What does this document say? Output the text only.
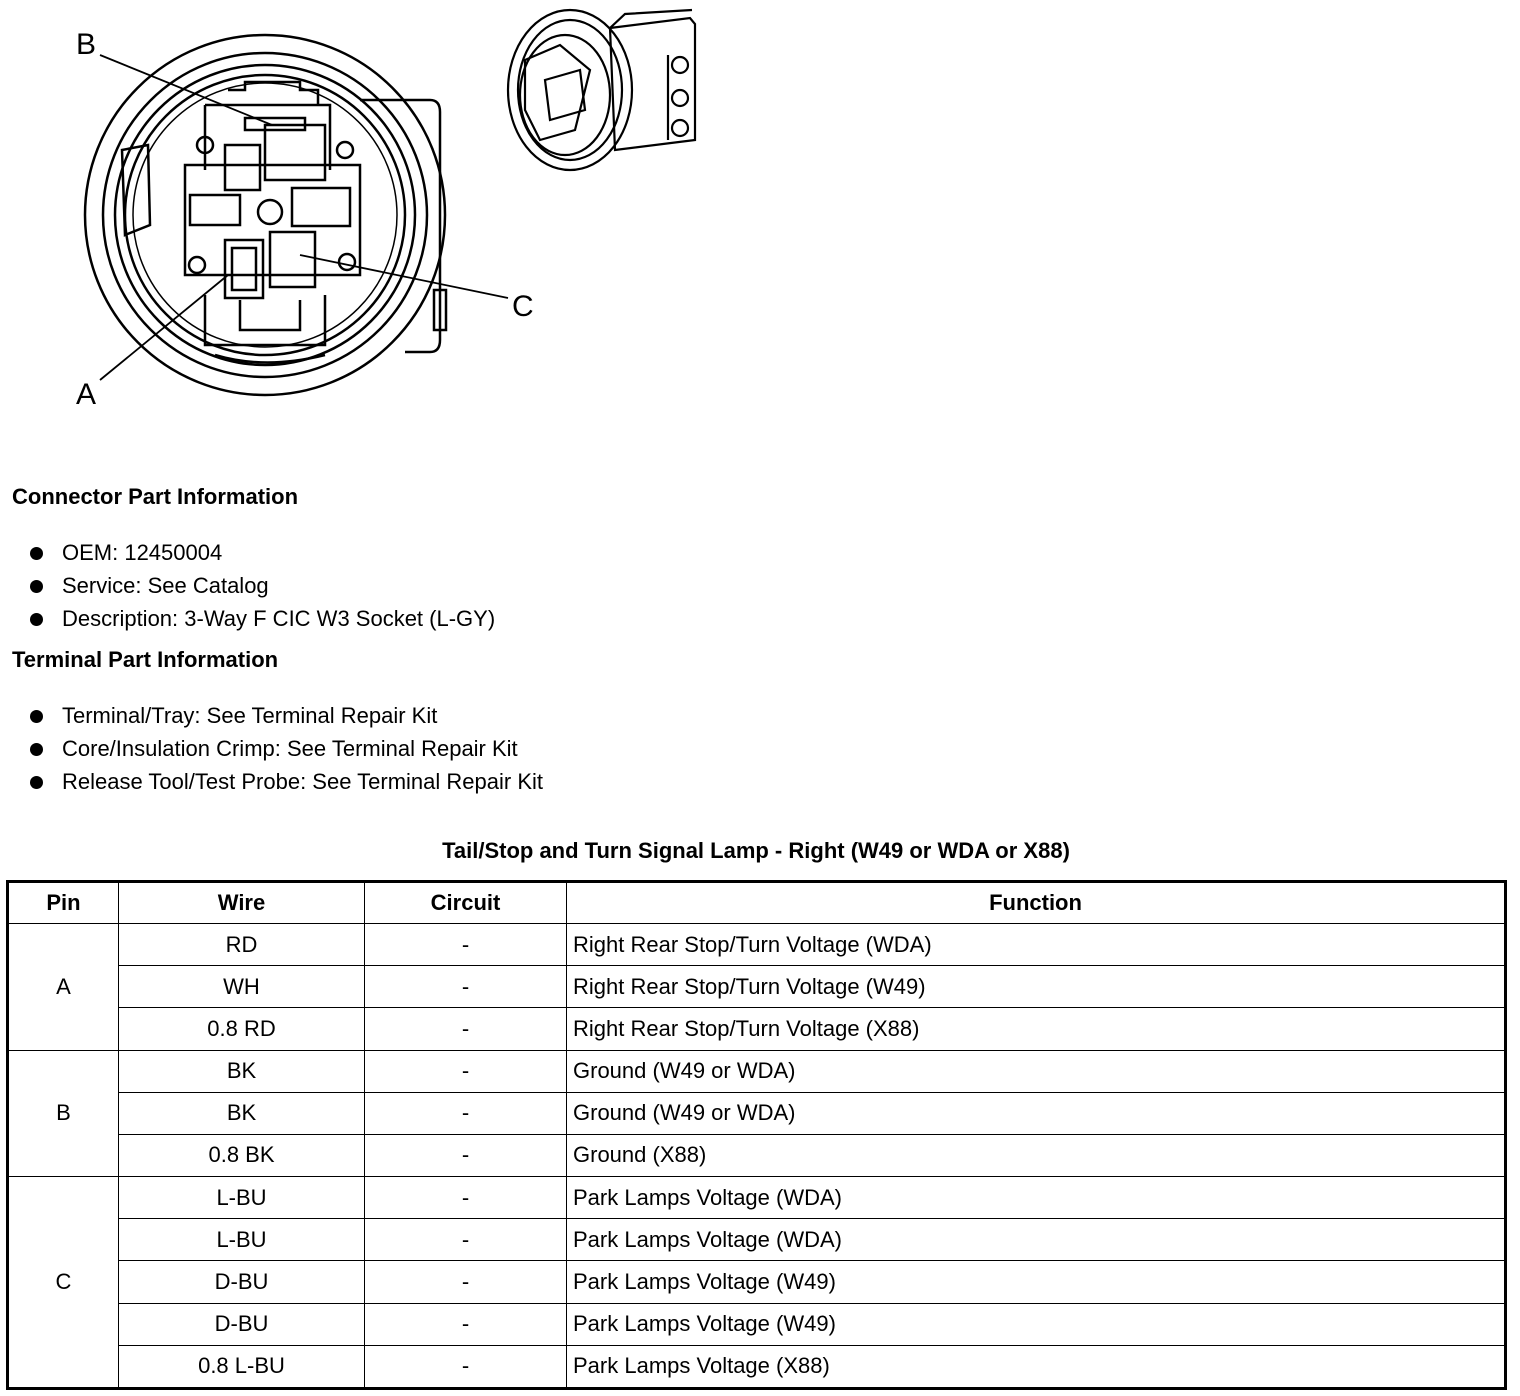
B
C
A
Connector Part Information
OEM: 12450004
Service: See Catalog
Description: 3-Way F CIC W3 Socket (L-GY)
Terminal Part Information
Terminal/Tray: See Terminal Repair Kit
Core/Insulation Crimp: See Terminal Repair Kit
Release Tool/Test Probe: See Terminal Repair Kit
Tail/Stop and Turn Signal Lamp - Right (W49 or WDA or X88)
Pin	Wire	Circuit	Function
A	RD	-	Right Rear Stop/Turn Voltage (WDA)
	WH	-	Right Rear Stop/Turn Voltage (W49)
	0.8 RD	-	Right Rear Stop/Turn Voltage (X88)
B	BK	-	Ground (W49 or WDA)
	BK	-	Ground (W49 or WDA)
	0.8 BK	-	Ground (X88)
C	L-BU	-	Park Lamps Voltage (WDA)
	L-BU	-	Park Lamps Voltage (WDA)
	D-BU	-	Park Lamps Voltage (W49)
	D-BU	-	Park Lamps Voltage (W49)
	0.8 L-BU	-	Park Lamps Voltage (X88)
